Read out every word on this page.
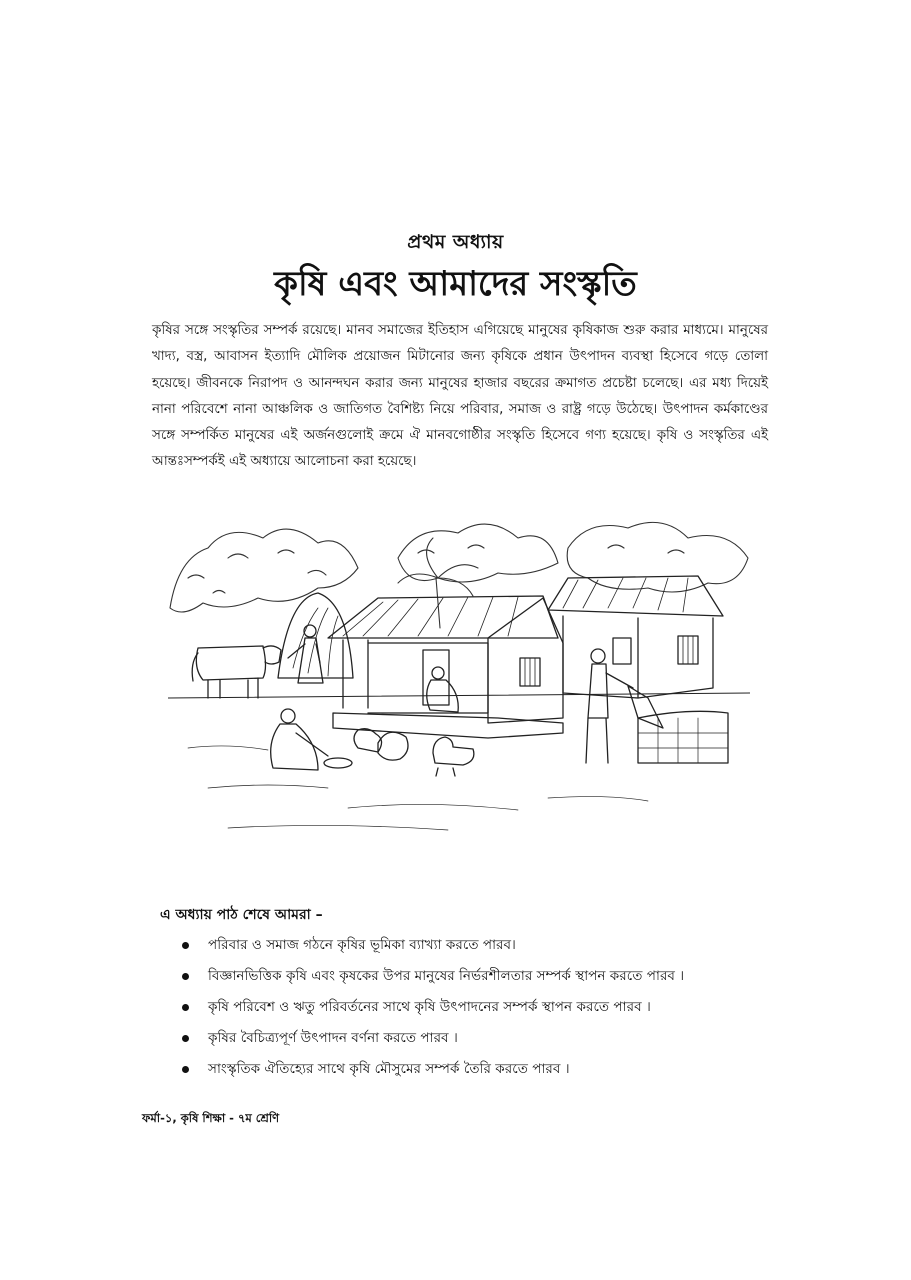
প্রথম অধ্যায়
কৃষি এবং আমাদের সংস্কৃতি

কৃষির সঙ্গে সংস্কৃতির সম্পর্ক রয়েছে। মানব সমাজের ইতিহাস এগিয়েছে মানুষের কৃষিকাজ শুরু করার মাধ্যমে। মানুষের খাদ্য, বস্ত্র, আবাসন ইত্যাদি মৌলিক প্রয়োজন মিটানোর জন্য কৃষিকে প্রধান উৎপাদন ব্যবস্থা হিসেবে গড়ে তোলা হয়েছে। জীবনকে নিরাপদ ও আনন্দঘন করার জন্য মানুষের হাজার বছরের ক্রমাগত প্রচেষ্টা চলেছে। এর মধ্য দিয়েই নানা পরিবেশে নানা আঞ্চলিক ও জাতিগত বৈশিষ্ট্য নিয়ে পরিবার, সমাজ ও রাষ্ট্র গড়ে উঠেছে। উৎপাদন কর্মকাণ্ডের সঙ্গে সম্পর্কিত মানুষের এই অর্জনগুলোই ক্রমে ঐ মানবগোষ্ঠীর সংস্কৃতি হিসেবে গণ্য হয়েছে। কৃষি ও সংস্কৃতির এই আন্তঃসম্পর্কই এই অধ্যায়ে আলোচনা করা হয়েছে।

এ অধ্যায় পাঠ শেষে আমরা –
পরিবার ও সমাজ গঠনে কৃষির ভূমিকা ব্যাখ্যা করতে পারব।
বিজ্ঞানভিত্তিক কৃষি এবং কৃষকের উপর মানুষের নির্ভরশীলতার সম্পর্ক স্থাপন করতে পারব ।
কৃষি পরিবেশ ও ঋতু পরিবর্তনের সাথে কৃষি উৎপাদনের সম্পর্ক স্থাপন করতে পারব ।
কৃষির বৈচিত্র্যপূর্ণ উৎপাদন বর্ণনা করতে পারব ।
সাংস্কৃতিক ঐতিহ্যের সাথে কৃষি মৌসুমের সম্পর্ক তৈরি করতে পারব ।
ফর্মা-১, কৃষি শিক্ষা - ৭ম শ্রেণি
